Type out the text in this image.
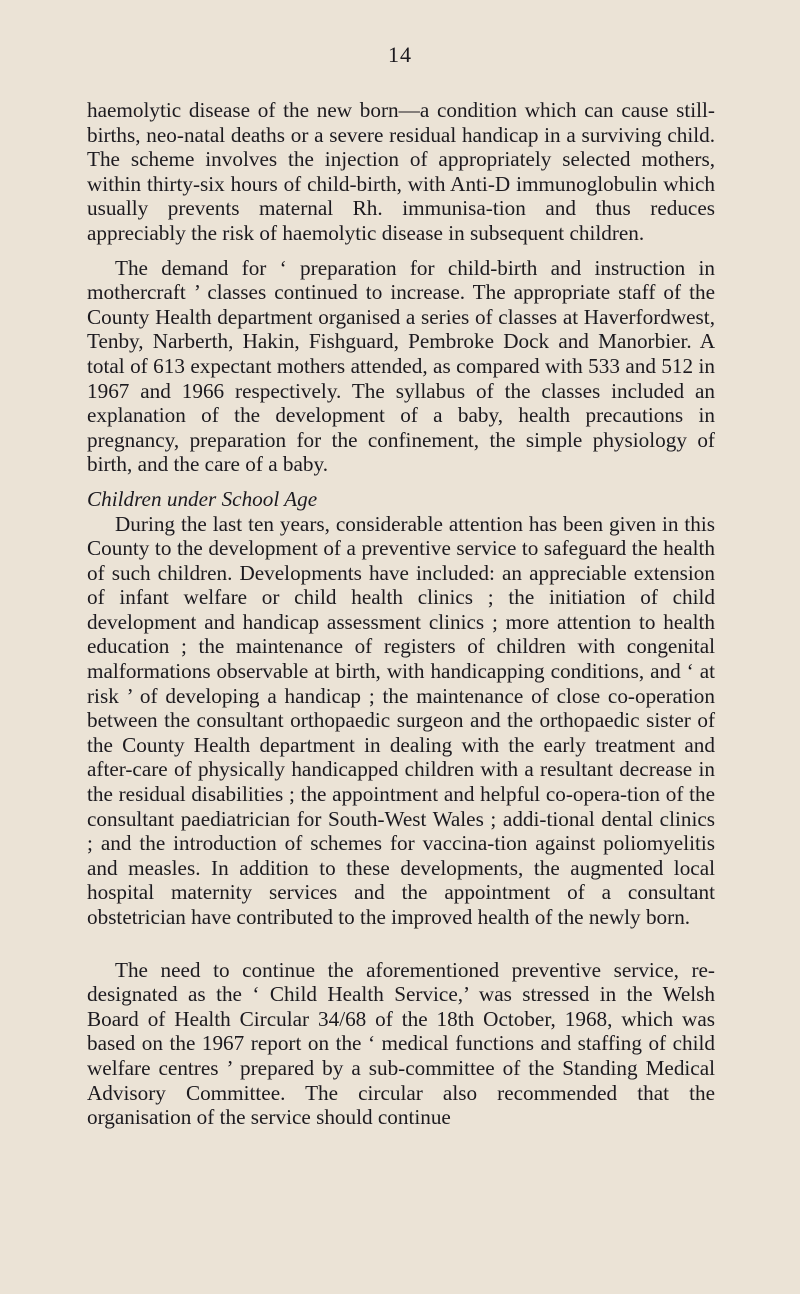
14

haemolytic disease of the new born—a condition which can cause still-births, neo-natal deaths or a severe residual handicap in a surviving child. The scheme involves the injection of appropriately selected mothers, within thirty-six hours of child-birth, with Anti-D immunoglobulin which usually prevents maternal Rh. immunisa-tion and thus reduces appreciably the risk of haemolytic disease in subsequent children.

The demand for ‘ preparation for child-birth and instruction in mothercraft ’ classes continued to increase. The appropriate staff of the County Health department organised a series of classes at Haverfordwest, Tenby, Narberth, Hakin, Fishguard, Pembroke Dock and Manorbier. A total of 613 expectant mothers attended, as compared with 533 and 512 in 1967 and 1966 respectively. The syllabus of the classes included an explanation of the development of a baby, health precautions in pregnancy, preparation for the confinement, the simple physiology of birth, and the care of a baby.

Children under School Age

During the last ten years, considerable attention has been given in this County to the development of a preventive service to safeguard the health of such children. Developments have included: an appreciable extension of infant welfare or child health clinics ; the initiation of child development and handicap assessment clinics ; more attention to health education ; the maintenance of registers of children with congenital malformations observable at birth, with handicapping conditions, and ‘ at risk ’ of developing a handicap ; the maintenance of close co-operation between the consultant orthopaedic surgeon and the orthopaedic sister of the County Health department in dealing with the early treatment and after-care of physically handicapped children with a resultant decrease in the residual disabilities ; the appointment and helpful co-opera-tion of the consultant paediatrician for South-West Wales ; addi-tional dental clinics ; and the introduction of schemes for vaccina-tion against poliomyelitis and measles. In addition to these developments, the augmented local hospital maternity services and the appointment of a consultant obstetrician have contributed to the improved health of the newly born.

The need to continue the aforementioned preventive service, re-designated as the ‘ Child Health Service,’ was stressed in the Welsh Board of Health Circular 34/68 of the 18th October, 1968, which was based on the 1967 report on the ‘ medical functions and staffing of child welfare centres ’ prepared by a sub-committee of the Standing Medical Advisory Committee. The circular also recommended that the organisation of the service should continue
